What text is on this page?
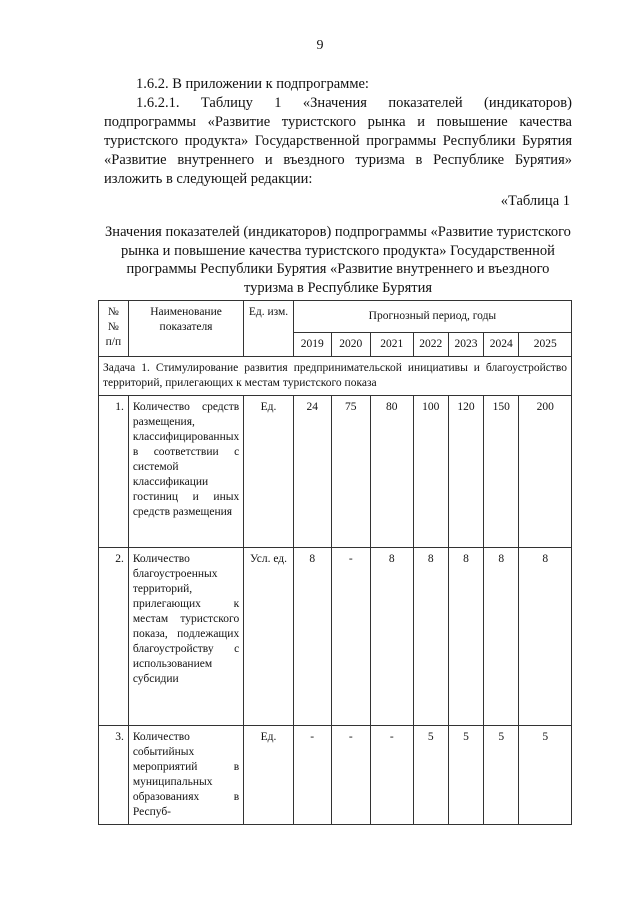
9
1.6.2. В приложении к подпрограмме:
1.6.2.1. Таблицу 1 «Значения показателей (индикаторов) подпрограммы «Развитие туристского рынка и повышение качества туристского продукта» Государственной программы Республики Бурятия «Развитие внутреннего и въездного туризма в Республике Бурятия» изложить в следующей редакции:
«Таблица 1
Значения показателей (индикаторов) подпрограммы «Развитие туристского рынка и повышение качества туристского продукта» Государственной программы Республики Бурятия «Развитие внутреннего и въездного туризма в Республике Бурятия
№№ п/п	Наименование показателя	Ед. изм.	Прогнозный период, годы						
			2019	2020	2021	2022	2023	2024	2025
Задача 1. Стимулирование развития предпринимательской инициативы и благоустройство территорий, прилегающих к местам туристского показа									
1.	Количество средств размещения, классифицированных в соответствии с системой классификации гостиниц и иных средств размещения	Ед.	24	75	80	100	120	150	200
2.	Количество благоустроенных территорий, прилегающих к местам туристского показа, подлежащих благоустройству с использованием субсидии	Усл. ед.	8	-	8	8	8	8	8
3.	Количество событийных мероприятий в муниципальных образованиях в Респуб-	Ед.	-	-	-	5	5	5	5
